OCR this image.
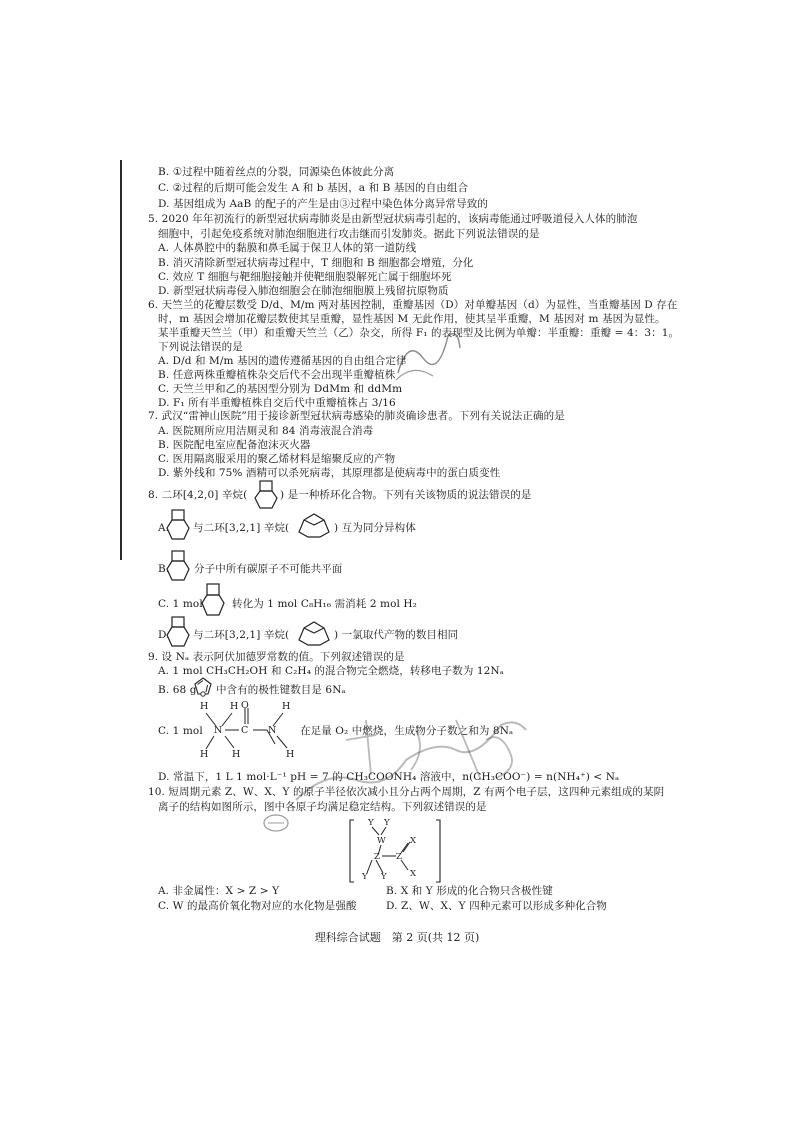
B. ①过程中随着丝点的分裂，同源染色体彼此分离
C. ②过程的后期可能会发生 A 和 b 基因，a 和 B 基因的自由组合
D. 基因组成为 AaB 的配子的产生是由③过程中染色体分离异常导致的
5. 2020 年年初流行的新型冠状病毒肺炎是由新型冠状病毒引起的，该病毒能通过呼吸道侵入人体的肺泡
细胞中，引起免疫系统对肺泡细胞进行攻击继而引发肺炎。据此下列说法错误的是
A. 人体鼻腔中的黏膜和鼻毛属于保卫人体的第一道防线
B. 消灭清除新型冠状病毒过程中，T 细胞和 B 细胞都会增殖，分化
C. 效应 T 细胞与靶细胞接触并使靶细胞裂解死亡属于细胞坏死
D. 新型冠状病毒侵入肺泡细胞会在肺泡细胞膜上残留抗原物质
6. 天竺兰的花瓣层数受 D/d、M/m 两对基因控制，重瓣基因（D）对单瓣基因（d）为显性，当重瓣基因 D 存在
时，m 基因会增加花瓣层数使其呈重瓣，显性基因 M 无此作用，使其呈半重瓣，M 基因对 m 基因为显性。
某半重瓣天竺兰（甲）和重瓣天竺兰（乙）杂交，所得 F₁ 的表现型及比例为单瓣：半重瓣：重瓣 = 4：3：1。
下列说法错误的是
A. D/d 和 M/m 基因的遗传遵循基因的自由组合定律
B. 任意两株重瓣植株杂交后代不会出现半重瓣植株
C. 天竺兰甲和乙的基因型分别为 DdMm 和 ddMm
D. F₁ 所有半重瓣植株自交后代中重瓣植株占 3/16
7. 武汉“雷神山医院”用于接诊新型冠状病毒感染的肺炎确诊患者。下列有关说法正确的是
A. 医院厕所应用洁厕灵和 84 消毒液混合消毒
B. 医院配电室应配备泡沫灭火器
C. 医用隔离服采用的聚乙烯材料是缩聚反应的产物
D. 紫外线和 75% 酒精可以杀死病毒，其原理都是使病毒中的蛋白质变性
8. 二环[4,2,0] 辛烷(	) 是一种桥环化合物。下列有关该物质的说法错误的是
A. 与二环[3,2,1] 辛烷(	) 互为同分异构体
B. 分子中所有碳原子不可能共平面
C. 1 mol	转化为 1 mol C₈H₁₆ 需消耗 2 mol H₂
D. 与二环[3,2,1] 辛烷(	) 一氯取代产物的数目相同
9. 设 Nₐ 表示阿伏加德罗常数的值。下列叙述错误的是
A. 1 mol CH₃CH₂OH 和 C₂H₄ 的混合物完全燃烧，转移电子数为 12Nₐ
B. 68 g 中含有的极性键数目是 6Nₐ
C. 1 mol
H H O	H
N C N
H H	H
在足量 O₂ 中燃烧，生成物分子数之和为 8Nₐ
D. 常温下，1 L 1 mol·L⁻¹ pH = 7 的 CH₃COONH₄ 溶液中，n(CH₃COO⁻) = n(NH₄⁺) < Nₐ
10. 短周期元素 Z、W、X、Y 的原子半径依次减小且分占两个周期，Z 有两个电子层，这四种元素组成的某阴
离子的结构如图所示，图中各原子均满足稳定结构。下列叙述错误的是
Y Y
W
Z Z
X
X
Y Y
A. 非金属性：X > Z > Y	B. X 和 Y 形成的化合物只含极性键
C. W 的最高价氧化物对应的水化物是强酸	D. Z、W、X、Y 四种元素可以形成多种化合物
理科综合试题　第 2 页(共 12 页)
